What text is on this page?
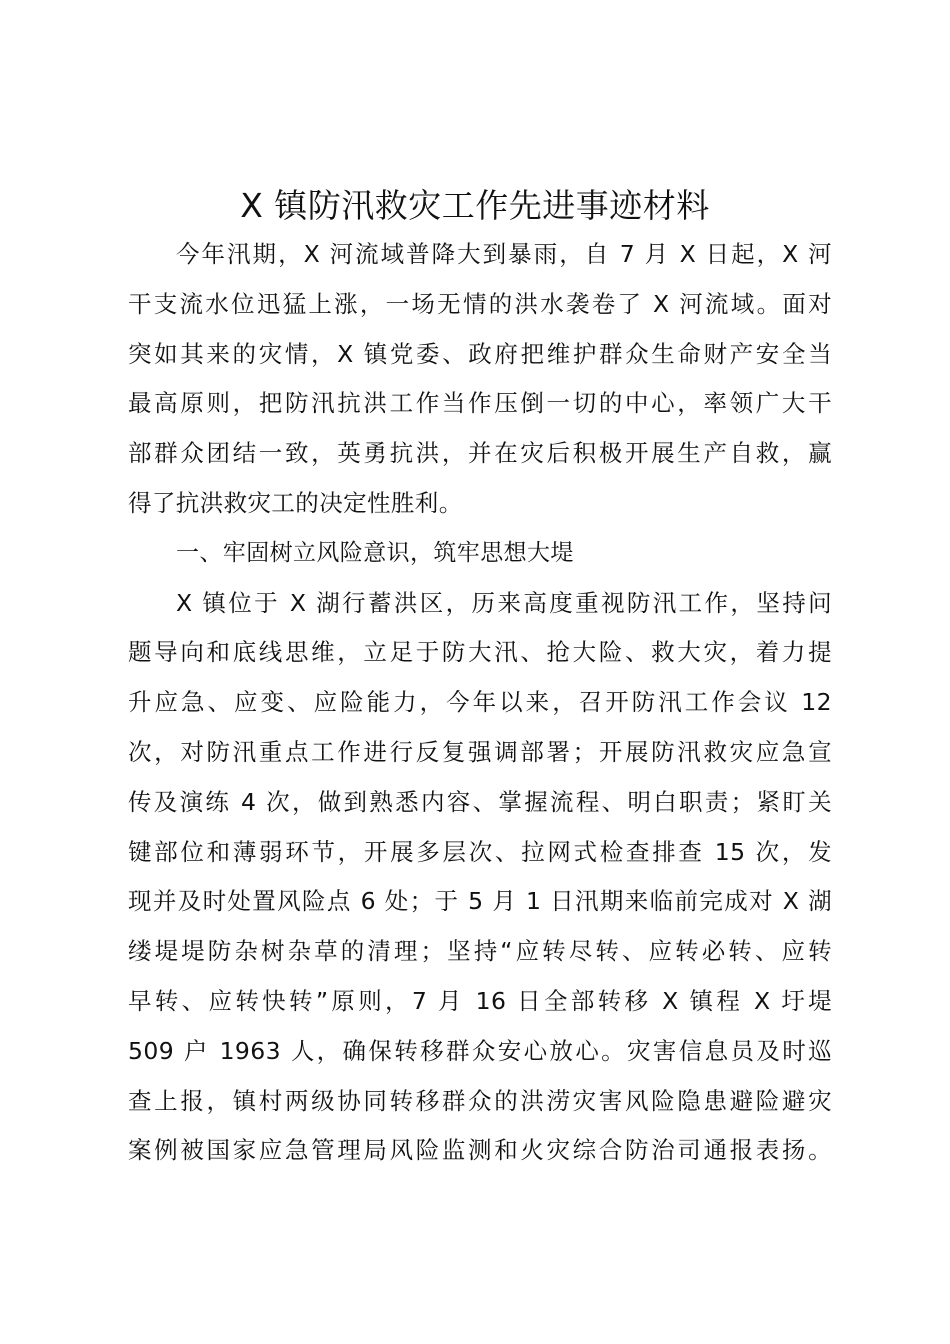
X 镇防汛救灾工作先进事迹材料
今年汛期，X 河流域普降大到暴雨，自 7 月 X 日起，X 河
干支流水位迅猛上涨，一场无情的洪水袭卷了 X 河流域。面对
突如其来的灾情，X 镇党委、政府把维护群众生命财产安全当
最高原则，把防汛抗洪工作当作压倒一切的中心，率领广大干
部群众团结一致，英勇抗洪，并在灾后积极开展生产自救，赢
得了抗洪救灾工的决定性胜利。
一、牢固树立风险意识，筑牢思想大堤
X 镇位于 X 湖行蓄洪区，历来高度重视防汛工作，坚持问
题导向和底线思维，立足于防大汛、抢大险、救大灾，着力提
升应急、应变、应险能力，今年以来，召开防汛工作会议 12
次，对防汛重点工作进行反复强调部署；开展防汛救灾应急宣
传及演练 4 次，做到熟悉内容、掌握流程、明白职责；紧盯关
键部位和薄弱环节，开展多层次、拉网式检查排查 15 次，发
现并及时处置风险点 6 处；于 5 月 1 日汛期来临前完成对 X 湖
缕堤堤防杂树杂草的清理；坚持“应转尽转、应转必转、应转
早转、应转快转”原则，7 月 16 日全部转移 X 镇程 X 圩堤
509 户 1963 人，确保转移群众安心放心。灾害信息员及时巡
查上报，镇村两级协同转移群众的洪涝灾害风险隐患避险避灾
案例被国家应急管理局风险监测和火灾综合防治司通报表扬。
